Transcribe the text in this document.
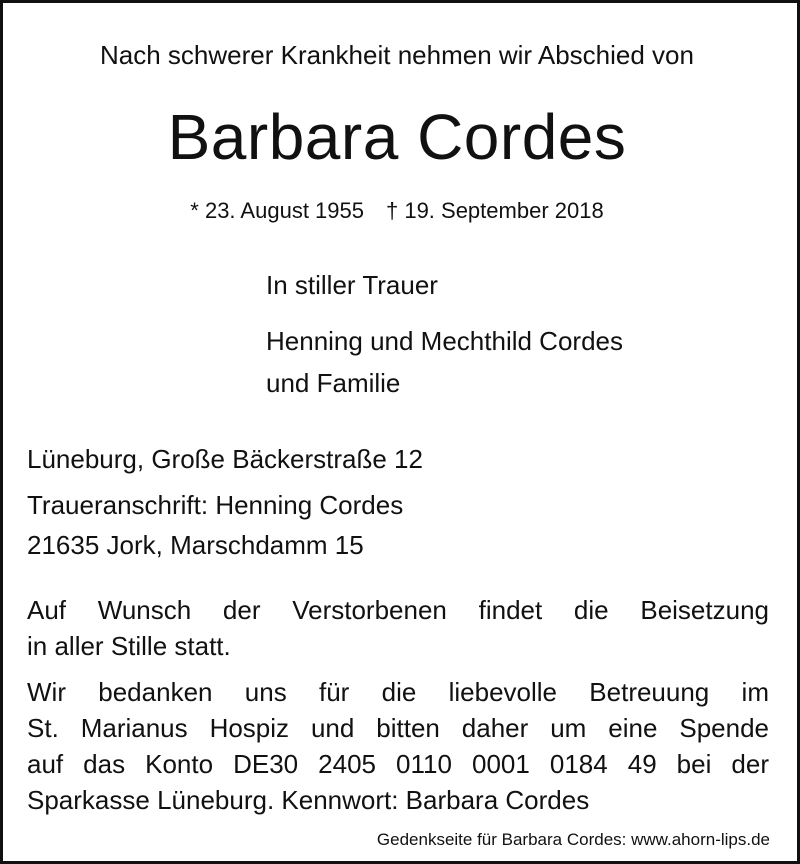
Nach schwerer Krankheit nehmen wir Abschied von
Barbara Cordes
* 23. August 1955 † 19. September 2018
In stiller Trauer
Henning und Mechthild Cordes
und Familie
Lüneburg, Große Bäckerstraße 12
Traueranschrift: Henning Cordes
21635 Jork, Marschdamm 15
Auf Wunsch der Verstorbenen findet die Beisetzung
in aller Stille statt.
Wir bedanken uns für die liebevolle Betreuung im
St. Marianus Hospiz und bitten daher um eine Spende
auf das Konto DE30 2405 0110 0001 0184 49 bei der
Sparkasse Lüneburg. Kennwort: Barbara Cordes
Gedenkseite für Barbara Cordes: www.ahorn-lips.de
